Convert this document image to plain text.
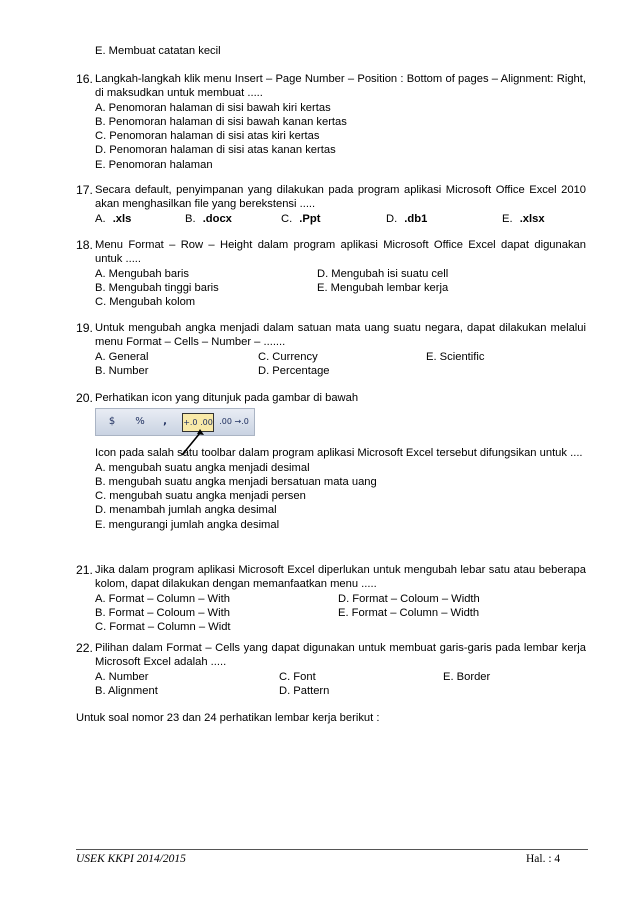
E. Membuat catatan kecil
16. Langkah-langkah klik menu Insert – Page Number – Position : Bottom of pages – Alignment: Right, di maksudkan untuk membuat .....
A. Penomoran halaman di sisi bawah kiri kertas
B. Penomoran halaman di sisi bawah kanan kertas
C. Penomoran halaman di sisi atas kiri kertas
D. Penomoran halaman di sisi atas kanan kertas
E. Penomoran halaman
17. Secara default, penyimpanan yang dilakukan pada program aplikasi Microsoft Office Excel 2010 akan menghasilkan file yang berekstensi .....
A. .xls	B. .docx	C. .Ppt	D. .db1	E. .xlsx
18. Menu Format – Row – Height dalam program aplikasi Microsoft Office Excel dapat digunakan untuk .....
A. Mengubah baris	D. Mengubah isi suatu cell
B. Mengubah tinggi baris	E. Mengubah lembar kerja
C. Mengubah kolom
19. Untuk mengubah angka menjadi dalam satuan mata uang suatu negara, dapat dilakukan melalui menu Format – Cells – Number – .......
A. General	C. Currency	E. Scientific
B. Number	D. Percentage
20. Perhatikan icon yang ditunjuk pada gambar di bawah
$	%	,	+.0 .00 .00 →.0
Icon pada salah satu toolbar dalam program aplikasi Microsoft Excel tersebut difungsikan untuk ....
A. mengubah suatu angka menjadi desimal
B. mengubah suatu angka menjadi bersatuan mata uang
C. mengubah suatu angka menjadi persen
D. menambah jumlah angka desimal
E. mengurangi jumlah angka desimal
21. Jika dalam program aplikasi Microsoft Excel diperlukan untuk mengubah lebar satu atau beberapa kolom, dapat dilakukan dengan memanfaatkan menu .....
A. Format – Column – With	D. Format – Coloum – Width
B. Format – Coloum – With	E. Format – Column – Width
C. Format – Column – Widt
22. Pilihan dalam Format – Cells yang dapat digunakan untuk membuat garis-garis pada lembar kerja Microsoft Excel adalah .....
A. Number	C. Font	E. Border
B. Alignment	D. Pattern
Untuk soal nomor 23 dan 24 perhatikan lembar kerja berikut :
USEK KKPI 2014/2015	Hal. : 4
